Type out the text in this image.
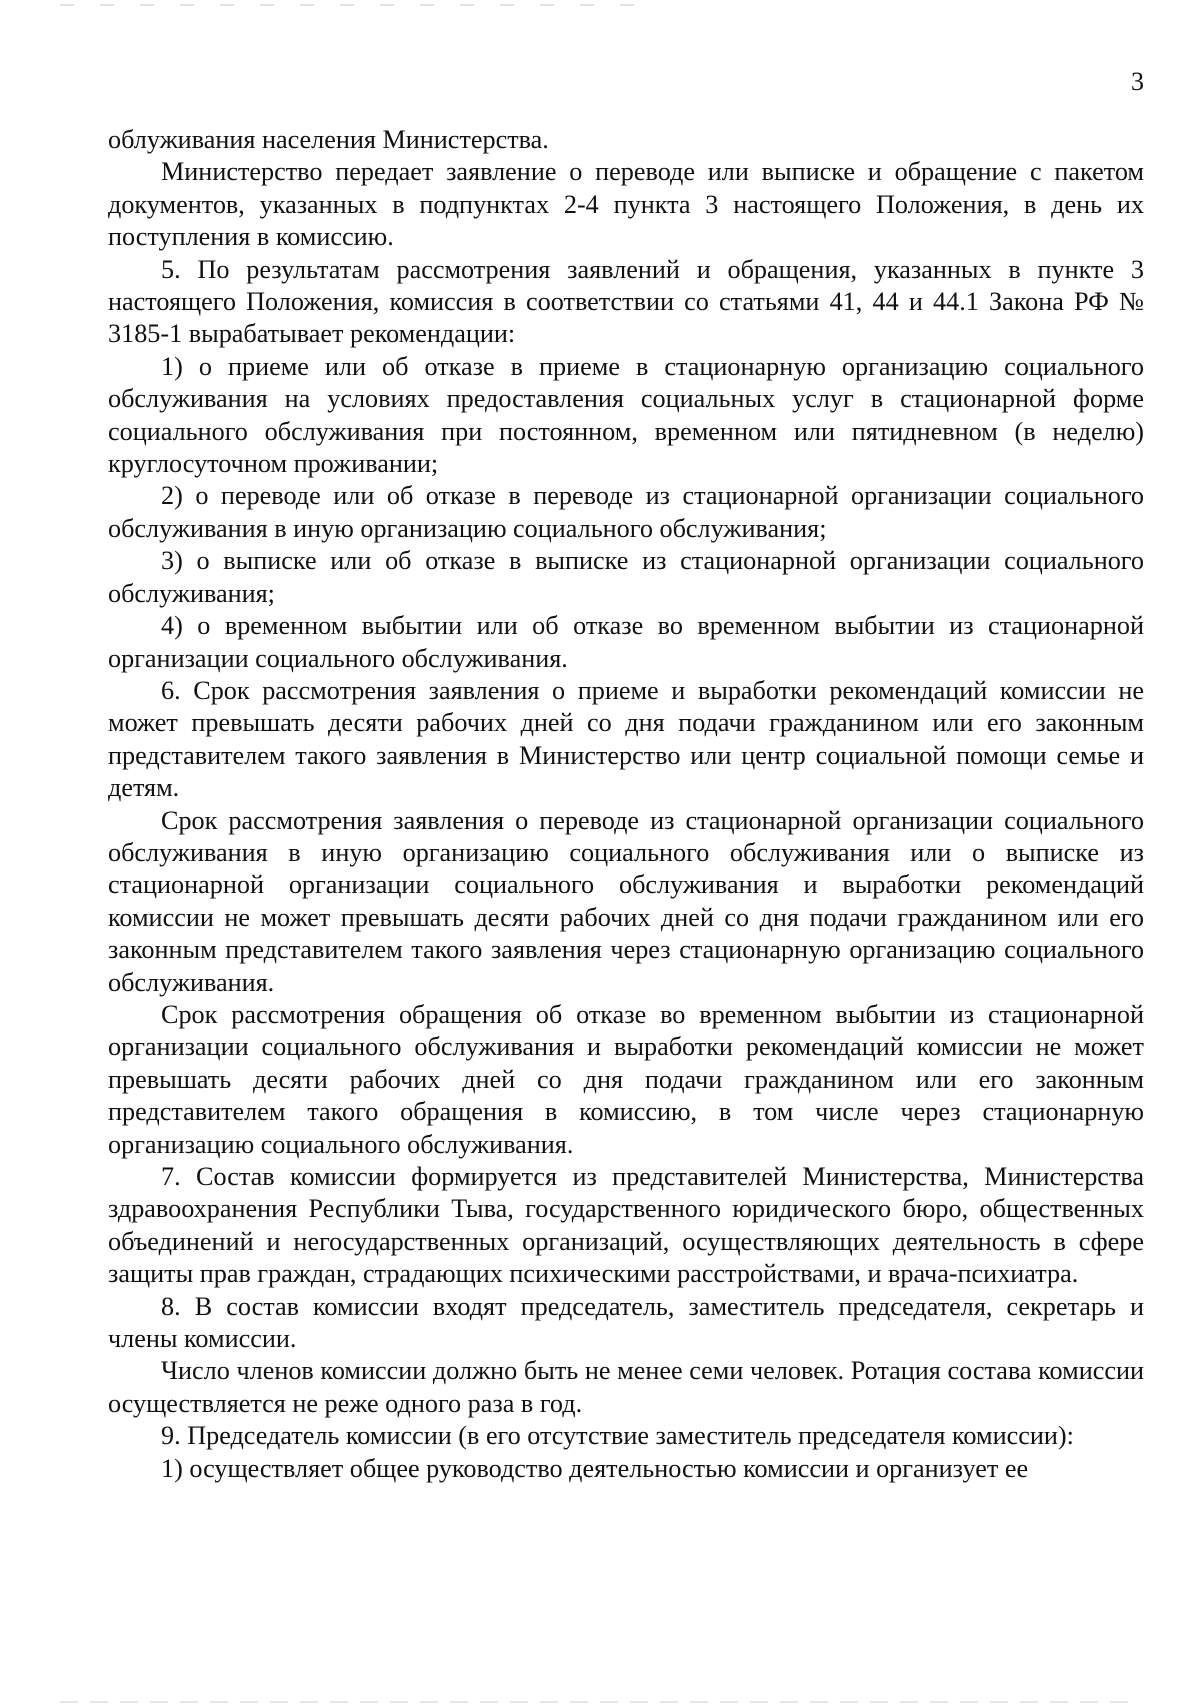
3

облуживания населения Министерства.

Министерство передает заявление о переводе или выписке и обращение с пакетом документов, указанных в подпунктах 2-4 пункта 3 настоящего Положения, в день их поступления в комиссию.

5. По результатам рассмотрения заявлений и обращения, указанных в пункте 3 настоящего Положения, комиссия в соответствии со статьями 41, 44 и 44.1 Закона РФ № 3185-1 вырабатывает рекомендации:

1) о приеме или об отказе в приеме в стационарную организацию социального обслуживания на условиях предоставления социальных услуг в стационарной форме социального обслуживания при постоянном, временном или пятидневном (в неделю) круглосуточном проживании;

2) о переводе или об отказе в переводе из стационарной организации социального обслуживания в иную организацию социального обслуживания;

3) о выписке или об отказе в выписке из стационарной организации социального обслуживания;

4) о временном выбытии или об отказе во временном выбытии из стационарной организации социального обслуживания.

6. Срок рассмотрения заявления о приеме и выработки рекомендаций комиссии не может превышать десяти рабочих дней со дня подачи гражданином или его законным представителем такого заявления в Министерство или центр социальной помощи семье и детям.

Срок рассмотрения заявления о переводе из стационарной организации социального обслуживания в иную организацию социального обслуживания или о выписке из стационарной организации социального обслуживания и выработки рекомендаций комиссии не может превышать десяти рабочих дней со дня подачи гражданином или его законным представителем такого заявления через стационарную организацию социального обслуживания.

Срок рассмотрения обращения об отказе во временном выбытии из стационарной организации социального обслуживания и выработки рекомендаций комиссии не может превышать десяти рабочих дней со дня подачи гражданином или его законным представителем такого обращения в комиссию, в том числе через стационарную организацию социального обслуживания.

7. Состав комиссии формируется из представителей Министерства, Министерства здравоохранения Республики Тыва, государственного юридического бюро, общественных объединений и негосударственных организаций, осуществляющих деятельность в сфере защиты прав граждан, страдающих психическими расстройствами, и врача-психиатра.

8. В состав комиссии входят председатель, заместитель председателя, секретарь и члены комиссии.

Число членов комиссии должно быть не менее семи человек. Ротация состава комиссии осуществляется не реже одного раза в год.

9. Председатель комиссии (в его отсутствие заместитель председателя комиссии):

1) осуществляет общее руководство деятельностью комиссии и организует ее
